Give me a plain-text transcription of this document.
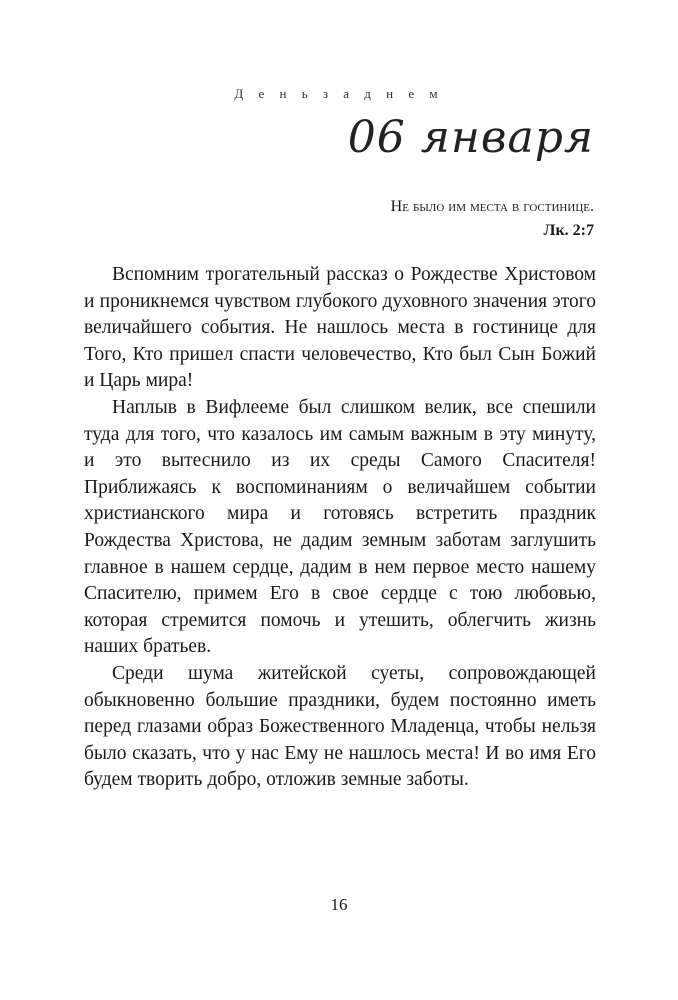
Д е н ь з а д н е м
06 января
Не было им места в гостинице.
Лк. 2:7

Вспомним трогательный рассказ о Рождестве Христовом и проникнемся чувством глубокого духовного значения этого величайшего события. Не нашлось места в гостинице для Того, Кто пришел спасти человечество, Кто был Сын Божий и Царь мира!

Наплыв в Вифлееме был слишком велик, все спешили туда для того, что казалось им самым важным в эту минуту, и это вытеснило из их среды Самого Спасителя! Приближаясь к воспоминаниям о величайшем событии христианского мира и готовясь встретить праздник Рождества Христова, не дадим земным заботам заглушить главное в нашем сердце, дадим в нем первое место нашему Спасителю, примем Его в свое сердце с тою любовью, которая стремится помочь и утешить, облегчить жизнь наших братьев.

Среди шума житейской суеты, сопровождающей обыкновенно большие праздники, будем постоянно иметь перед глазами образ Божественного Младенца, чтобы нельзя было сказать, что у нас Ему не нашлось места! И во имя Его будем творить добро, отложив земные заботы.

16
